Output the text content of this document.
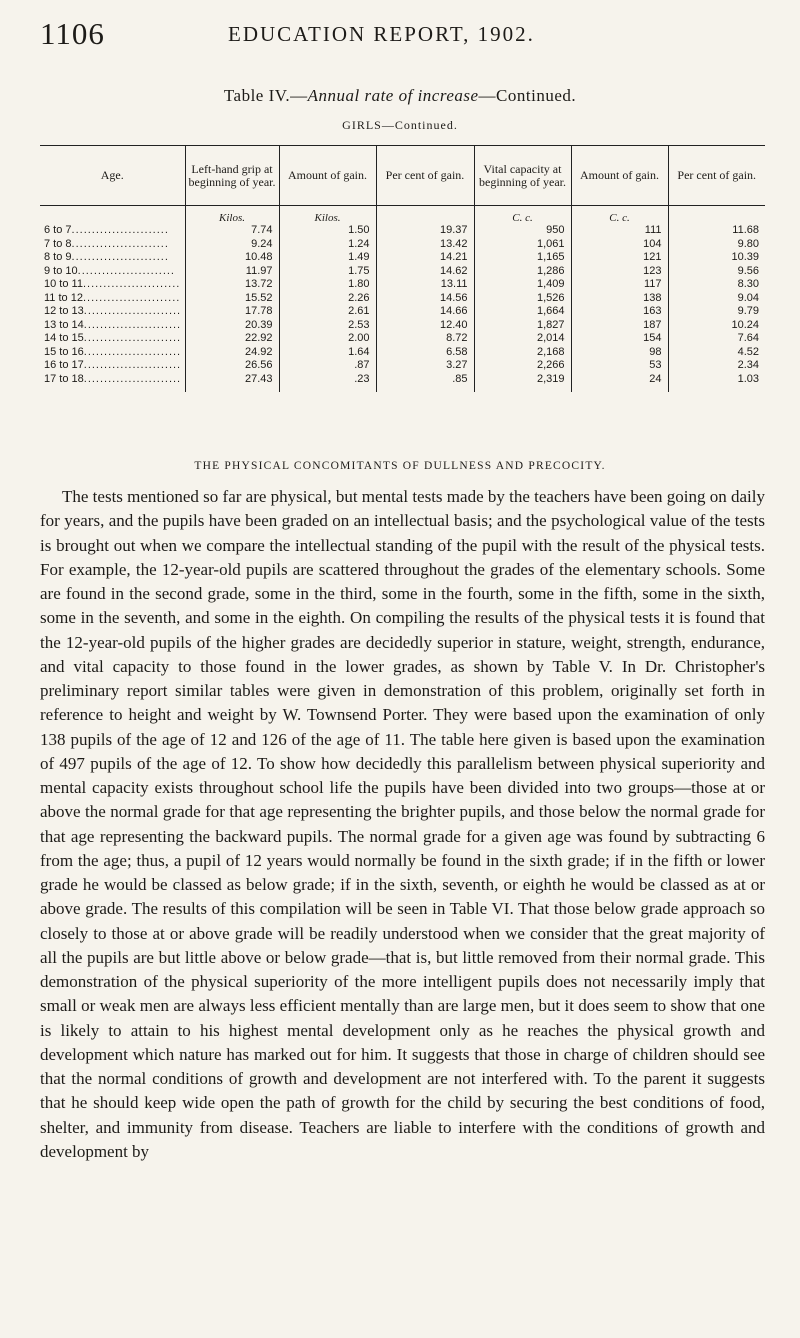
1106	EDUCATION REPORT, 1902.
Table IV.—Annual rate of increase—Continued.
GIRLS—Continued.
Age.	Left-hand grip at beginning of year.	Amount of gain.	Per cent of gain.	Vital capacity at beginning of year.	Amount of gain.	Per cent of gain.
	Kilos.	Kilos.		C. c.	C. c.	
6 to 7........................	7.74	1.50	19.37	950	111	11.68
7 to 8........................	9.24	1.24	13.42	1,061	104	9.80
8 to 9........................	10.48	1.49	14.21	1,165	121	10.39
9 to 10........................	11.97	1.75	14.62	1,286	123	9.56
10 to 11........................	13.72	1.80	13.11	1,409	117	8.30
11 to 12........................	15.52	2.26	14.56	1,526	138	9.04
12 to 13........................	17.78	2.61	14.66	1,664	163	9.79
13 to 14........................	20.39	2.53	12.40	1,827	187	10.24
14 to 15........................	22.92	2.00	8.72	2,014	154	7.64
15 to 16........................	24.92	1.64	6.58	2,168	98	4.52
16 to 17........................	26.56	.87	3.27	2,266	53	2.34
17 to 18........................	27.43	.23	.85	2,319	24	1.03
THE PHYSICAL CONCOMITANTS OF DULLNESS AND PRECOCITY.

The tests mentioned so far are physical, but mental tests made by the teachers have been going on daily for years, and the pupils have been graded on an intellectual basis; and the psychological value of the tests is brought out when we compare the intellectual standing of the pupil with the result of the physical tests. For example, the 12-year-old pupils are scattered throughout the grades of the elementary schools. Some are found in the second grade, some in the third, some in the fourth, some in the fifth, some in the sixth, some in the seventh, and some in the eighth. On compiling the results of the physical tests it is found that the 12-year-old pupils of the higher grades are decidedly superior in stature, weight, strength, endurance, and vital capacity to those found in the lower grades, as shown by Table V. In Dr. Christopher's preliminary report similar tables were given in demonstration of this problem, originally set forth in reference to height and weight by W. Townsend Porter. They were based upon the examination of only 138 pupils of the age of 12 and 126 of the age of 11. The table here given is based upon the examination of 497 pupils of the age of 12. To show how decidedly this parallelism between physical superiority and mental capacity exists throughout school life the pupils have been divided into two groups—those at or above the normal grade for that age representing the brighter pupils, and those below the normal grade for that age representing the backward pupils. The normal grade for a given age was found by subtracting 6 from the age; thus, a pupil of 12 years would normally be found in the sixth grade; if in the fifth or lower grade he would be classed as below grade; if in the sixth, seventh, or eighth he would be classed as at or above grade. The results of this compilation will be seen in Table VI. That those below grade approach so closely to those at or above grade will be readily understood when we consider that the great majority of all the pupils are but little above or below grade—that is, but little removed from their normal grade. This demonstration of the physical superiority of the more intelligent pupils does not necessarily imply that small or weak men are always less efficient mentally than are large men, but it does seem to show that one is likely to attain to his highest mental development only as he reaches the physical growth and development which nature has marked out for him. It suggests that those in charge of children should see that the normal conditions of growth and development are not interfered with. To the parent it suggests that he should keep wide open the path of growth for the child by securing the best conditions of food, shelter, and immunity from disease. Teachers are liable to interfere with the conditions of growth and development by
